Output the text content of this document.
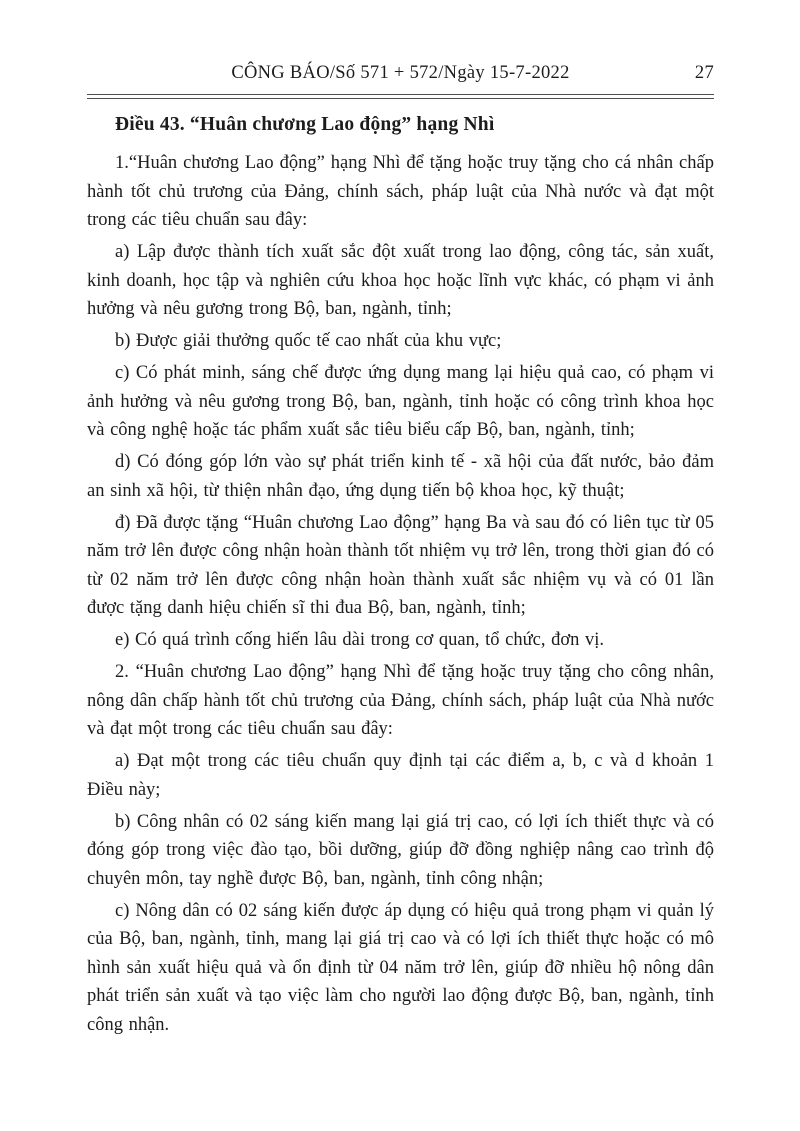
CÔNG BÁO/Số 571 + 572/Ngày 15-7-2022	27
Điều 43. “Huân chương Lao động” hạng Nhì

1.“Huân chương Lao động” hạng Nhì để tặng hoặc truy tặng cho cá nhân chấp hành tốt chủ trương của Đảng, chính sách, pháp luật của Nhà nước và đạt một trong các tiêu chuẩn sau đây:

a) Lập được thành tích xuất sắc đột xuất trong lao động, công tác, sản xuất, kinh doanh, học tập và nghiên cứu khoa học hoặc lĩnh vực khác, có phạm vi ảnh hưởng và nêu gương trong Bộ, ban, ngành, tỉnh;

b) Được giải thưởng quốc tế cao nhất của khu vực;

c) Có phát minh, sáng chế được ứng dụng mang lại hiệu quả cao, có phạm vi ảnh hưởng và nêu gương trong Bộ, ban, ngành, tỉnh hoặc có công trình khoa học và công nghệ hoặc tác phẩm xuất sắc tiêu biểu cấp Bộ, ban, ngành, tỉnh;

d) Có đóng góp lớn vào sự phát triển kinh tế - xã hội của đất nước, bảo đảm an sinh xã hội, từ thiện nhân đạo, ứng dụng tiến bộ khoa học, kỹ thuật;

đ) Đã được tặng “Huân chương Lao động” hạng Ba và sau đó có liên tục từ 05 năm trở lên được công nhận hoàn thành tốt nhiệm vụ trở lên, trong thời gian đó có từ 02 năm trở lên được công nhận hoàn thành xuất sắc nhiệm vụ và có 01 lần được tặng danh hiệu chiến sĩ thi đua Bộ, ban, ngành, tỉnh;

e) Có quá trình cống hiến lâu dài trong cơ quan, tổ chức, đơn vị.

2. “Huân chương Lao động” hạng Nhì để tặng hoặc truy tặng cho công nhân, nông dân chấp hành tốt chủ trương của Đảng, chính sách, pháp luật của Nhà nước và đạt một trong các tiêu chuẩn sau đây:

a) Đạt một trong các tiêu chuẩn quy định tại các điểm a, b, c và d khoản 1 Điều này;

b) Công nhân có 02 sáng kiến mang lại giá trị cao, có lợi ích thiết thực và có đóng góp trong việc đào tạo, bồi dưỡng, giúp đỡ đồng nghiệp nâng cao trình độ chuyên môn, tay nghề được Bộ, ban, ngành, tỉnh công nhận;

c) Nông dân có 02 sáng kiến được áp dụng có hiệu quả trong phạm vi quản lý của Bộ, ban, ngành, tỉnh, mang lại giá trị cao và có lợi ích thiết thực hoặc có mô hình sản xuất hiệu quả và ổn định từ 04 năm trở lên, giúp đỡ nhiều hộ nông dân phát triển sản xuất và tạo việc làm cho người lao động được Bộ, ban, ngành, tỉnh công nhận.
